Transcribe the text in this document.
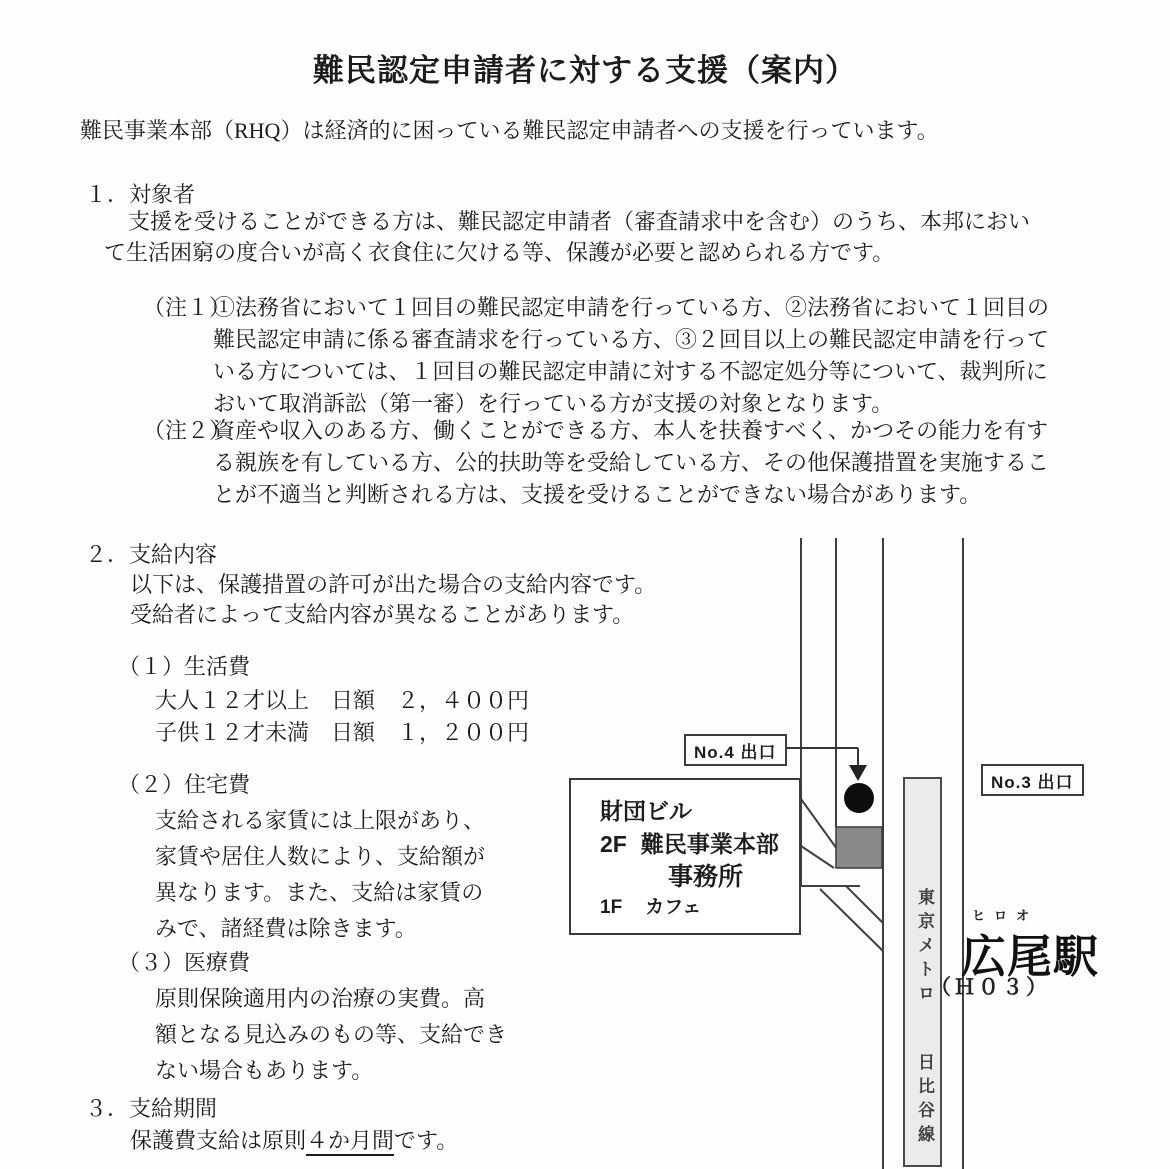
難民認定申請者に対する支援（案内）
難民事業本部（RHQ）は経済的に困っている難民認定申請者への支援を行っています。
１．対象者
支援を受けることができる方は、難民認定申請者（審査請求中を含む）のうち、本邦におい
て生活困窮の度合いが高く衣食住に欠ける等、保護が必要と認められる方です。
（注１）
①法務省において１回目の難民認定申請を行っている方、②法務省において１回目の
難民認定申請に係る審査請求を行っている方、③２回目以上の難民認定申請を行って
いる方については、１回目の難民認定申請に対する不認定処分等について、裁判所に
おいて取消訴訟（第一審）を行っている方が支援の対象となります。
（注２）
資産や収入のある方、働くことができる方、本人を扶養すべく、かつその能力を有す
る親族を有している方、公的扶助等を受給している方、その他保護措置を実施するこ
とが不適当と判断される方は、支援を受けることができない場合があります。
２．支給内容
以下は、保護措置の許可が出た場合の支給内容です。
受給者によって支給内容が異なることがあります。
（１）生活費
大人１２才以上　日額　２，４００円
子供１２才未満　日額　１，２００円
（２）住宅費
支給される家賃には上限があり、
家賃や居住人数により、支給額が
異なります。また、支給は家賃の
みで、諸経費は除きます。
（３）医療費
原則保険適用内の治療の実費。高
額となる見込みのもの等、支給でき
ない場合もあります。
３．支給期間
保護費支給は原則４か月間です。
No.4 出口
No.3 出口
財団ビル
2F 難民事業本部
事務所
1F カフェ	東京メトロ
日比谷線
ヒロオ
広尾駅
（Ｈ０３）
